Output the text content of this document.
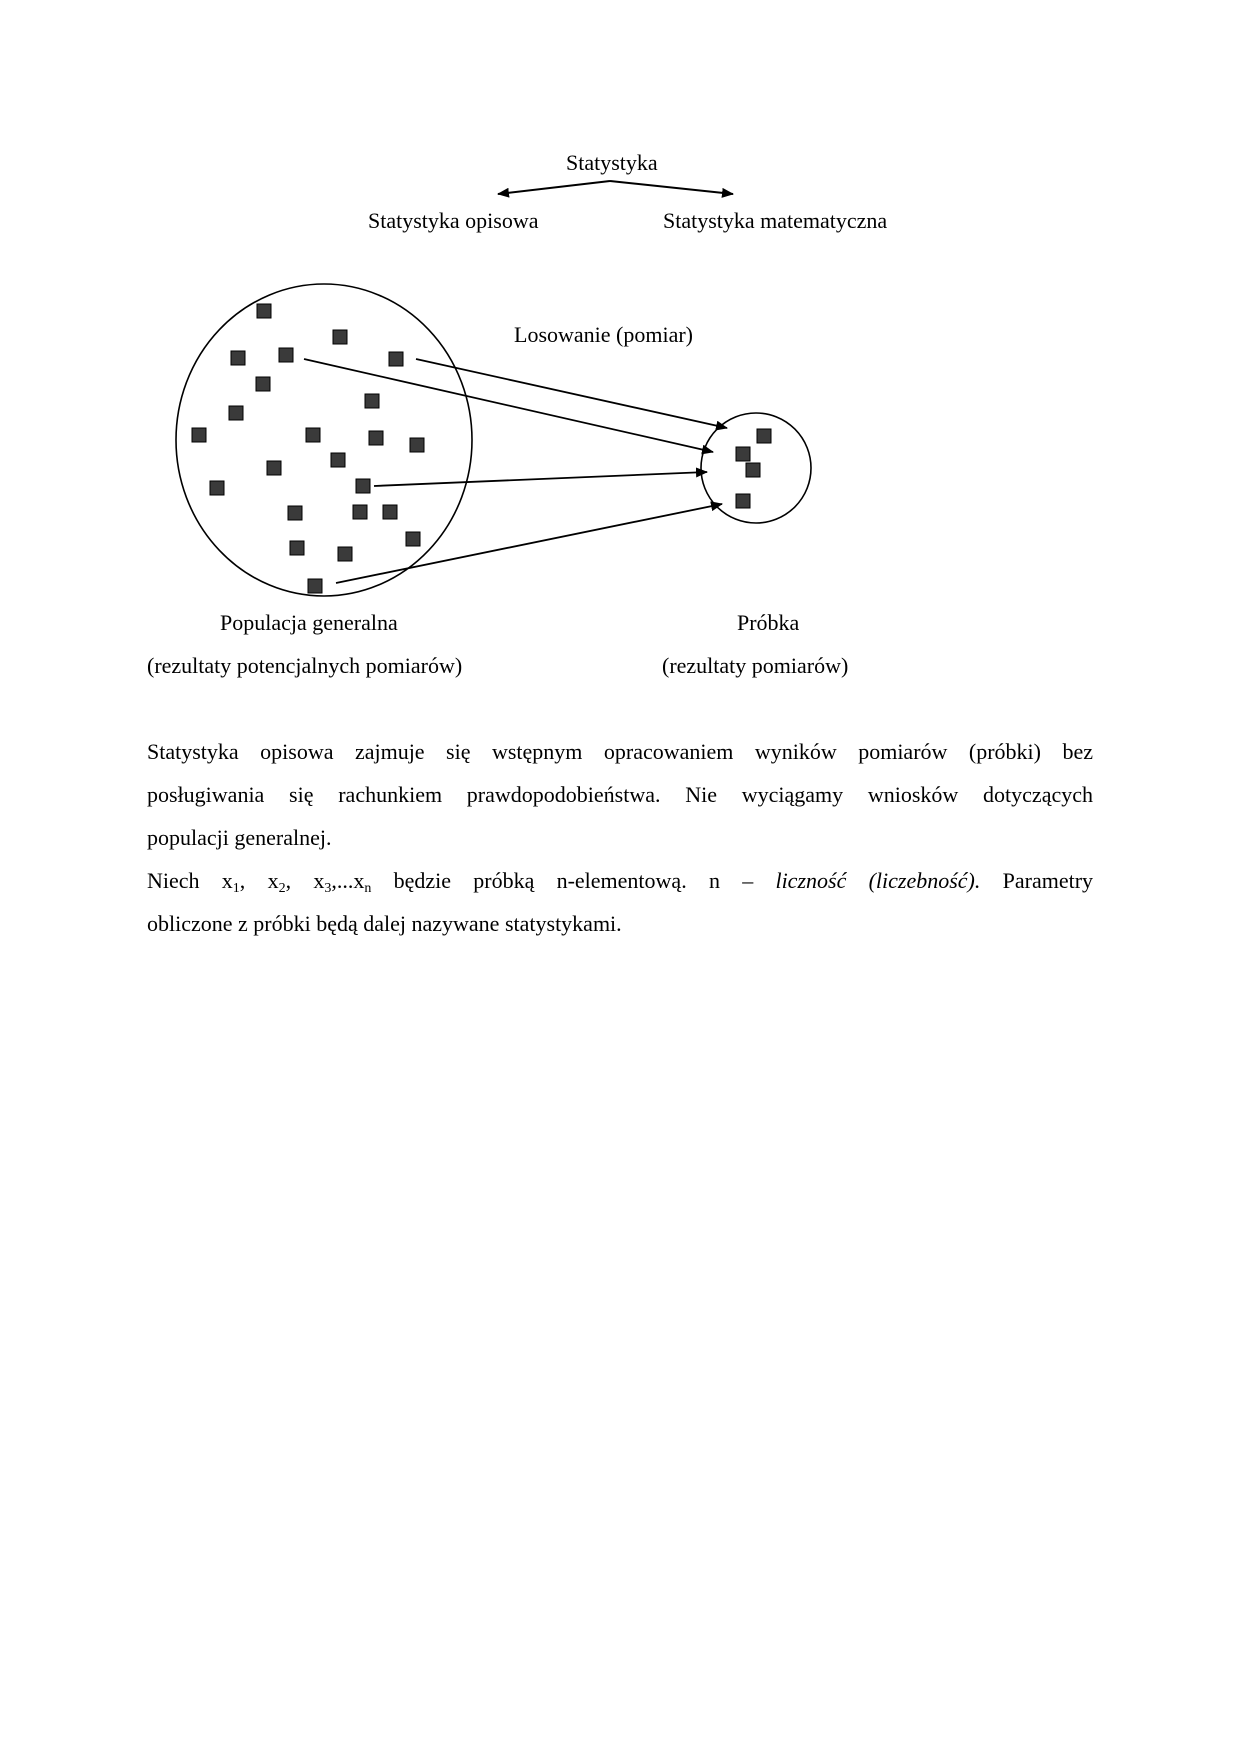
Statystyka
Statystyka opisowa	Statystyka matematyczna
Losowanie (pomiar)
Populacja generalna
(rezultaty potencjalnych pomiarów)
Próbka
(rezultaty pomiarów)
Statystyka opisowa zajmuje się wstępnym opracowaniem wyników pomiarów (próbki) bez
posługiwania się rachunkiem prawdopodobieństwa. Nie wyciągamy wniosków dotyczących
populacji generalnej.
Niech $x_1$, $x_2$, $x_3,...x_n$ będzie próbką n-elementową. n – liczność (liczebność). Parametry
obliczone z próbki będą dalej nazywane statystykami.
